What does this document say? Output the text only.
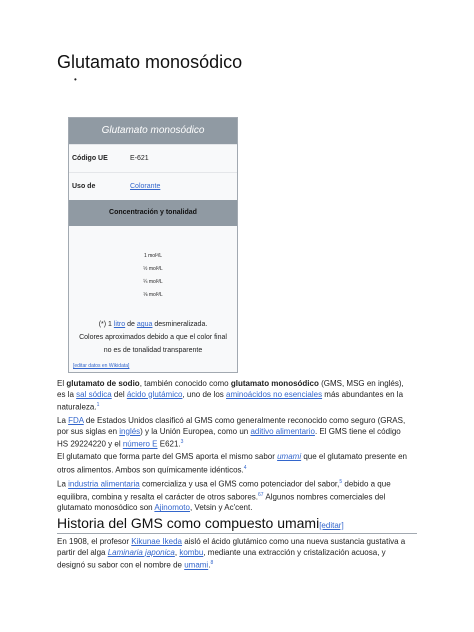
Glutamato monosódico
•
Glutamato monosódico
Código UE	E-621
Uso de	Colorante
Concentración y tonalidad
1 mol²/L
½ mol²/L
¼ mol²/L
⅛ mol²/L
(*) 1 litro de agua desmineralizada.
Colores aproximados debido a que el color final
no es de tonalidad transparente
[editar datos en Wikidata]

El glutamato de sodio, también conocido como glutamato monosódico (GMS, MSG en inglés), es la sal sódica del ácido glutámico, uno de los aminoácidos no esenciales más abundantes en la naturaleza.$^1$

La FDA de Estados Unidos clasificó al GMS como generalmente reconocido como seguro (GRAS, por sus siglas en inglés) y la Unión Europea, como un aditivo alimentario. El GMS tiene el código HS 29224220 y el número E E621.$^3$

El glutamato que forma parte del GMS aporta el mismo sabor umami que el glutamato presente en otros alimentos. Ambos son químicamente idénticos.$^4$

La industria alimentaria comercializa y usa el GMS como potenciador del sabor,$^5$ debido a que equilibra, combina y resalta el carácter de otros sabores.$^{67}$ Algunos nombres comerciales del glutamato monosódico son Ajinomoto, Vetsin y Ac'cent.

Historia del GMS como compuesto umami[editar]

En 1908, el profesor Kikunae Ikeda aisló el ácido glutámico como una nueva sustancia gustativa a partir del alga Laminaria japonica, kombu, mediante una extracción y cristalización acuosa, y designó su sabor con el nombre de umami.$^8$
